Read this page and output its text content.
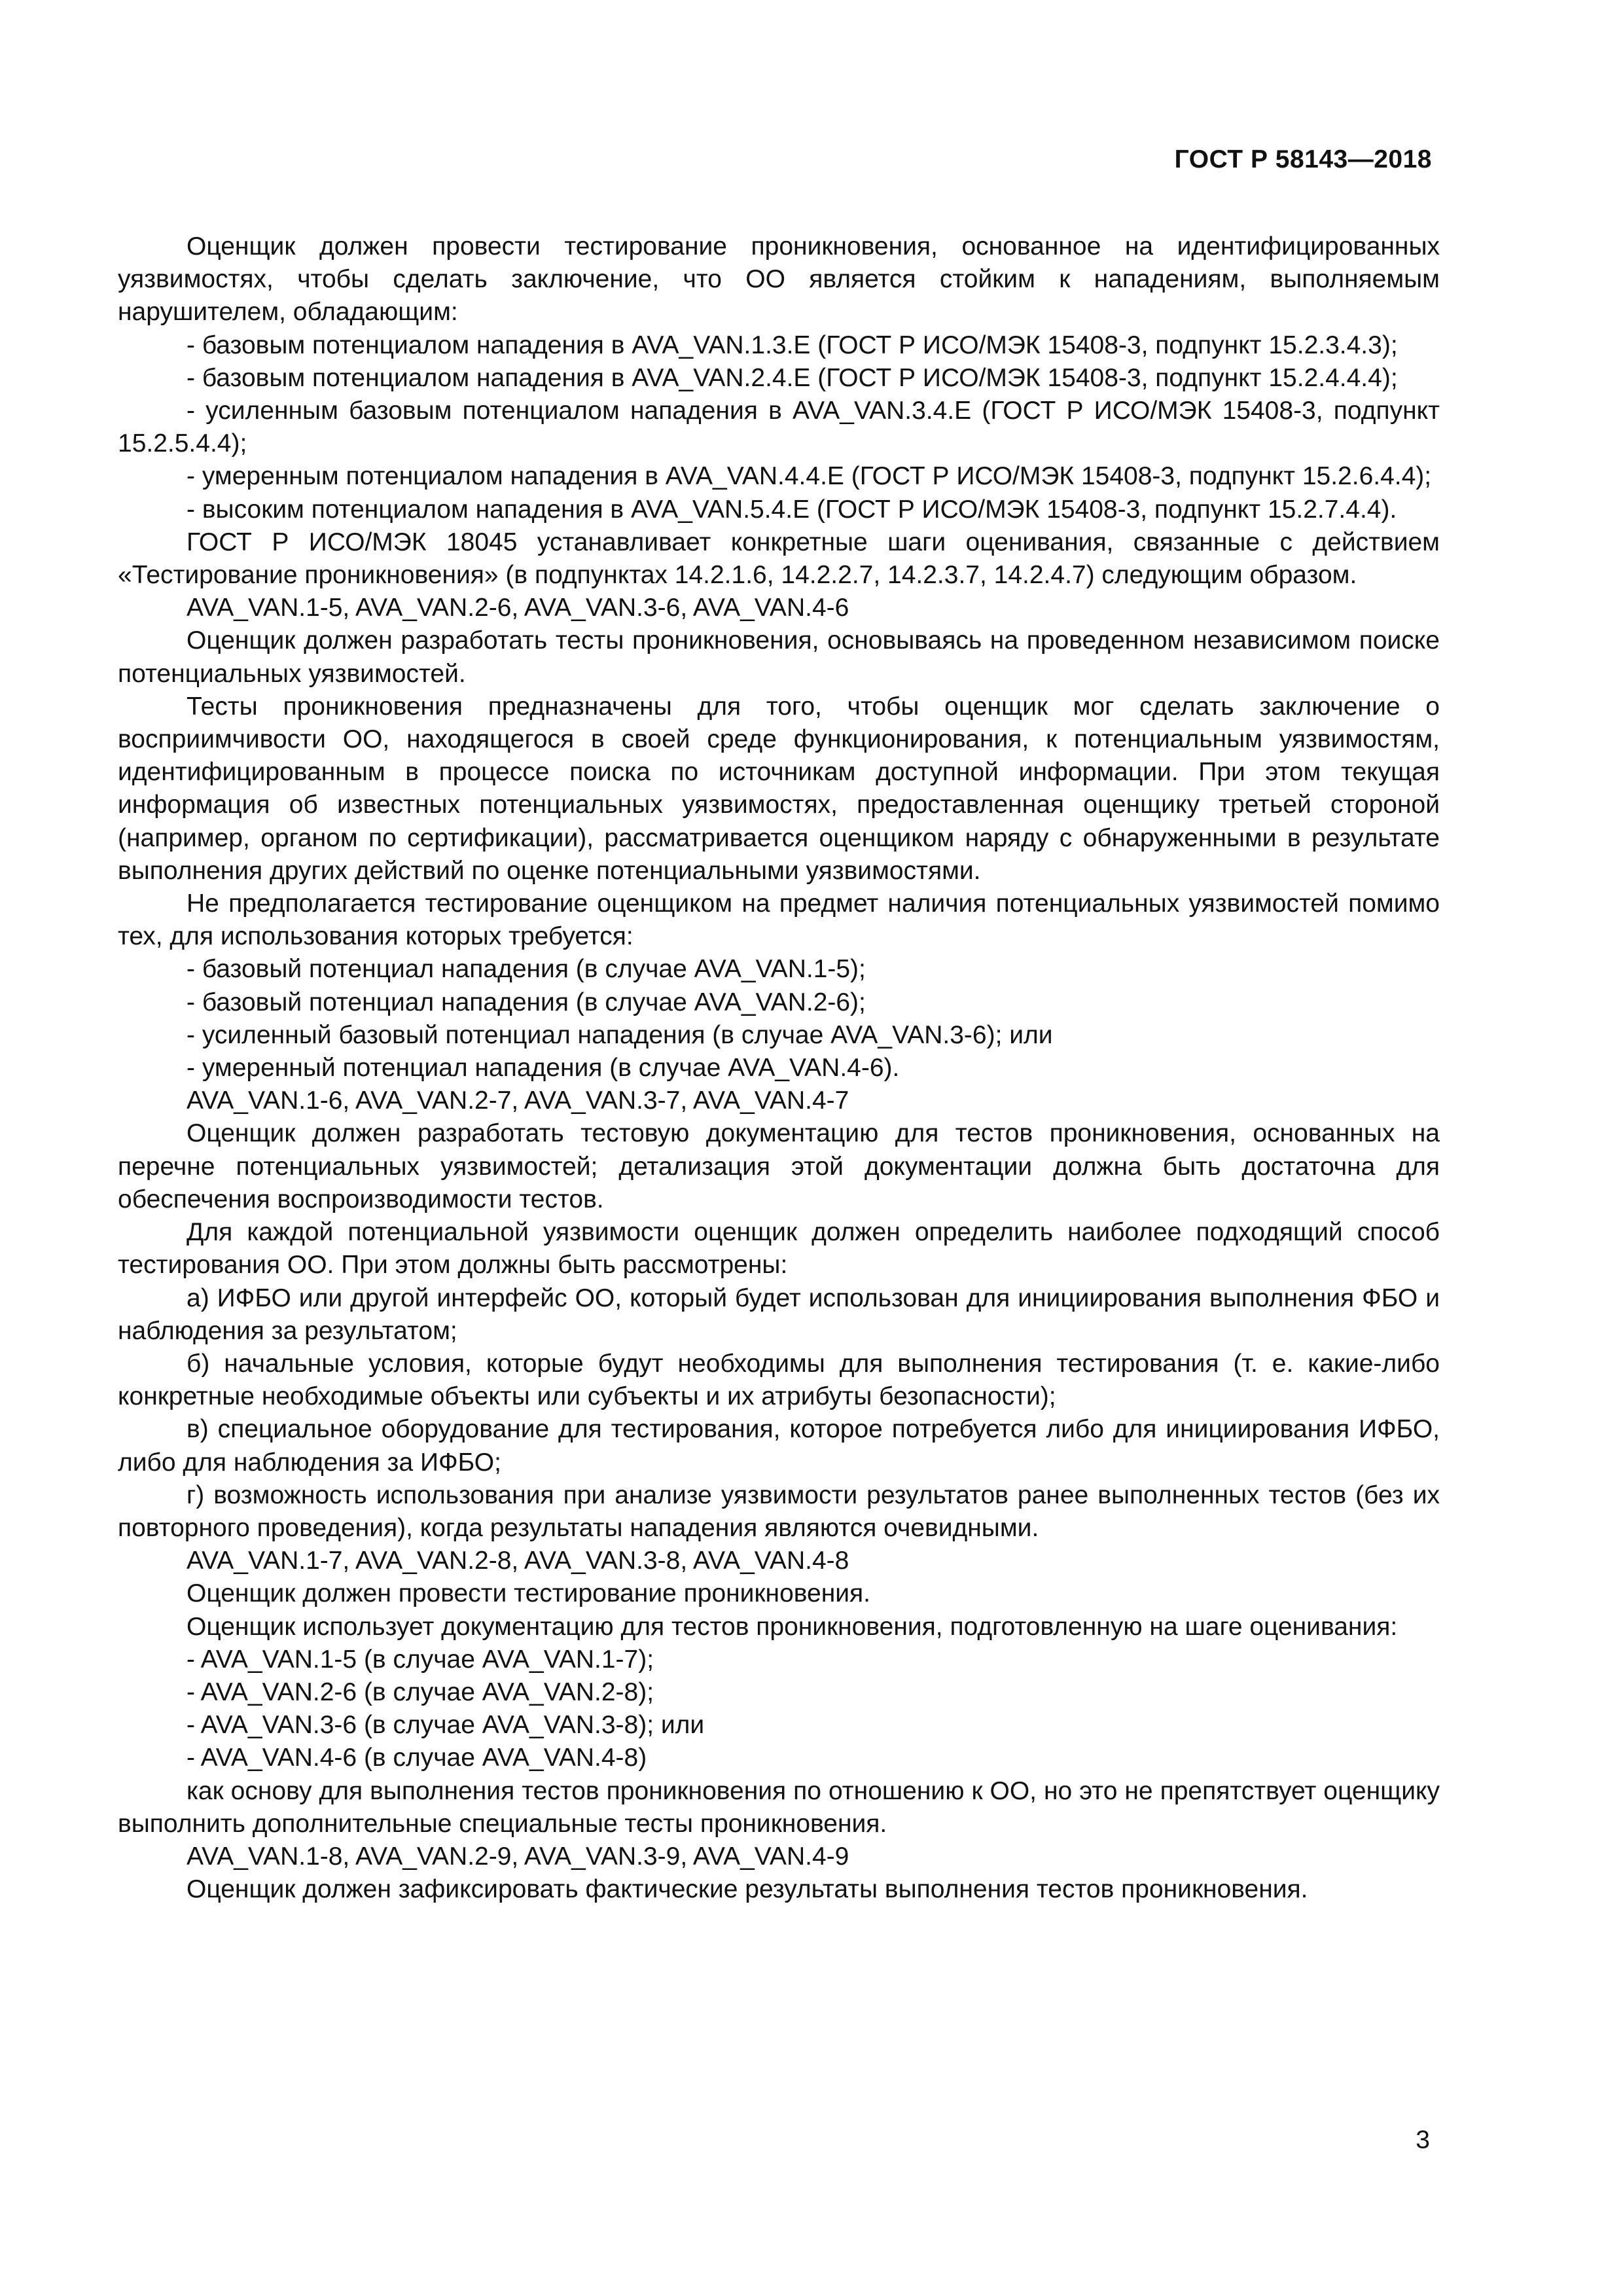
ГОСТ Р 58143—2018

Оценщик должен провести тестирование проникновения, основанное на идентифицированных уязвимостях, чтобы сделать заключение, что ОО является стойким к нападениям, выполняемым нарушителем, обладающим:

- базовым потенциалом нападения в AVA_VAN.1.3.E (ГОСТ Р ИСО/МЭК 15408-3, подпункт 15.2.3.4.3);

- базовым потенциалом нападения в AVA_VAN.2.4.E (ГОСТ Р ИСО/МЭК 15408-3, подпункт 15.2.4.4.4);

- усиленным базовым потенциалом нападения в AVA_VAN.3.4.E (ГОСТ Р ИСО/МЭК 15408-3, подпункт 15.2.5.4.4);

- умеренным потенциалом нападения в AVA_VAN.4.4.E (ГОСТ Р ИСО/МЭК 15408-3, подпункт 15.2.6.4.4);

- высоким потенциалом нападения в AVA_VAN.5.4.E (ГОСТ Р ИСО/МЭК 15408-3, подпункт 15.2.7.4.4).

ГОСТ Р ИСО/МЭК 18045 устанавливает конкретные шаги оценивания, связанные с действием «Тестирование проникновения» (в подпунктах 14.2.1.6, 14.2.2.7, 14.2.3.7, 14.2.4.7) следующим образом.

AVA_VAN.1-5, AVA_VAN.2-6, AVA_VAN.3-6, AVA_VAN.4-6

Оценщик должен разработать тесты проникновения, основываясь на проведенном независимом поиске потенциальных уязвимостей.

Тесты проникновения предназначены для того, чтобы оценщик мог сделать заключение о восприимчивости ОО, находящегося в своей среде функционирования, к потенциальным уязвимостям, идентифицированным в процессе поиска по источникам доступной информации. При этом текущая информация об известных потенциальных уязвимостях, предоставленная оценщику третьей стороной (например, органом по сертификации), рассматривается оценщиком наряду с обнаруженными в результате выполнения других действий по оценке потенциальными уязвимостями.

Не предполагается тестирование оценщиком на предмет наличия потенциальных уязвимостей помимо тех, для использования которых требуется:

- базовый потенциал нападения (в случае AVA_VAN.1-5);

- базовый потенциал нападения (в случае AVA_VAN.2-6);

- усиленный базовый потенциал нападения (в случае AVA_VAN.3-6); или

- умеренный потенциал нападения (в случае AVA_VAN.4-6).

AVA_VAN.1-6, AVA_VAN.2-7, AVA_VAN.3-7, AVA_VAN.4-7

Оценщик должен разработать тестовую документацию для тестов проникновения, основанных на перечне потенциальных уязвимостей; детализация этой документации должна быть достаточна для обеспечения воспроизводимости тестов.

Для каждой потенциальной уязвимости оценщик должен определить наиболее подходящий способ тестирования ОО. При этом должны быть рассмотрены:

а) ИФБО или другой интерфейс ОО, который будет использован для инициирования выполнения ФБО и наблюдения за результатом;

б) начальные условия, которые будут необходимы для выполнения тестирования (т. е. какие-либо конкретные необходимые объекты или субъекты и их атрибуты безопасности);

в) специальное оборудование для тестирования, которое потребуется либо для инициирования ИФБО, либо для наблюдения за ИФБО;

г) возможность использования при анализе уязвимости результатов ранее выполненных тестов (без их повторного проведения), когда результаты нападения являются очевидными.

AVA_VAN.1-7, AVA_VAN.2-8, AVA_VAN.3-8, AVA_VAN.4-8

Оценщик должен провести тестирование проникновения.

Оценщик использует документацию для тестов проникновения, подготовленную на шаге оценивания:

- AVA_VAN.1-5 (в случае AVA_VAN.1-7);

- AVA_VAN.2-6 (в случае AVA_VAN.2-8);

- AVA_VAN.3-6 (в случае AVA_VAN.3-8); или

- AVA_VAN.4-6 (в случае AVA_VAN.4-8)

как основу для выполнения тестов проникновения по отношению к ОО, но это не препятствует оценщику выполнить дополнительные специальные тесты проникновения.

AVA_VAN.1-8, AVA_VAN.2-9, AVA_VAN.3-9, AVA_VAN.4-9

Оценщик должен зафиксировать фактические результаты выполнения тестов проникновения.

3
